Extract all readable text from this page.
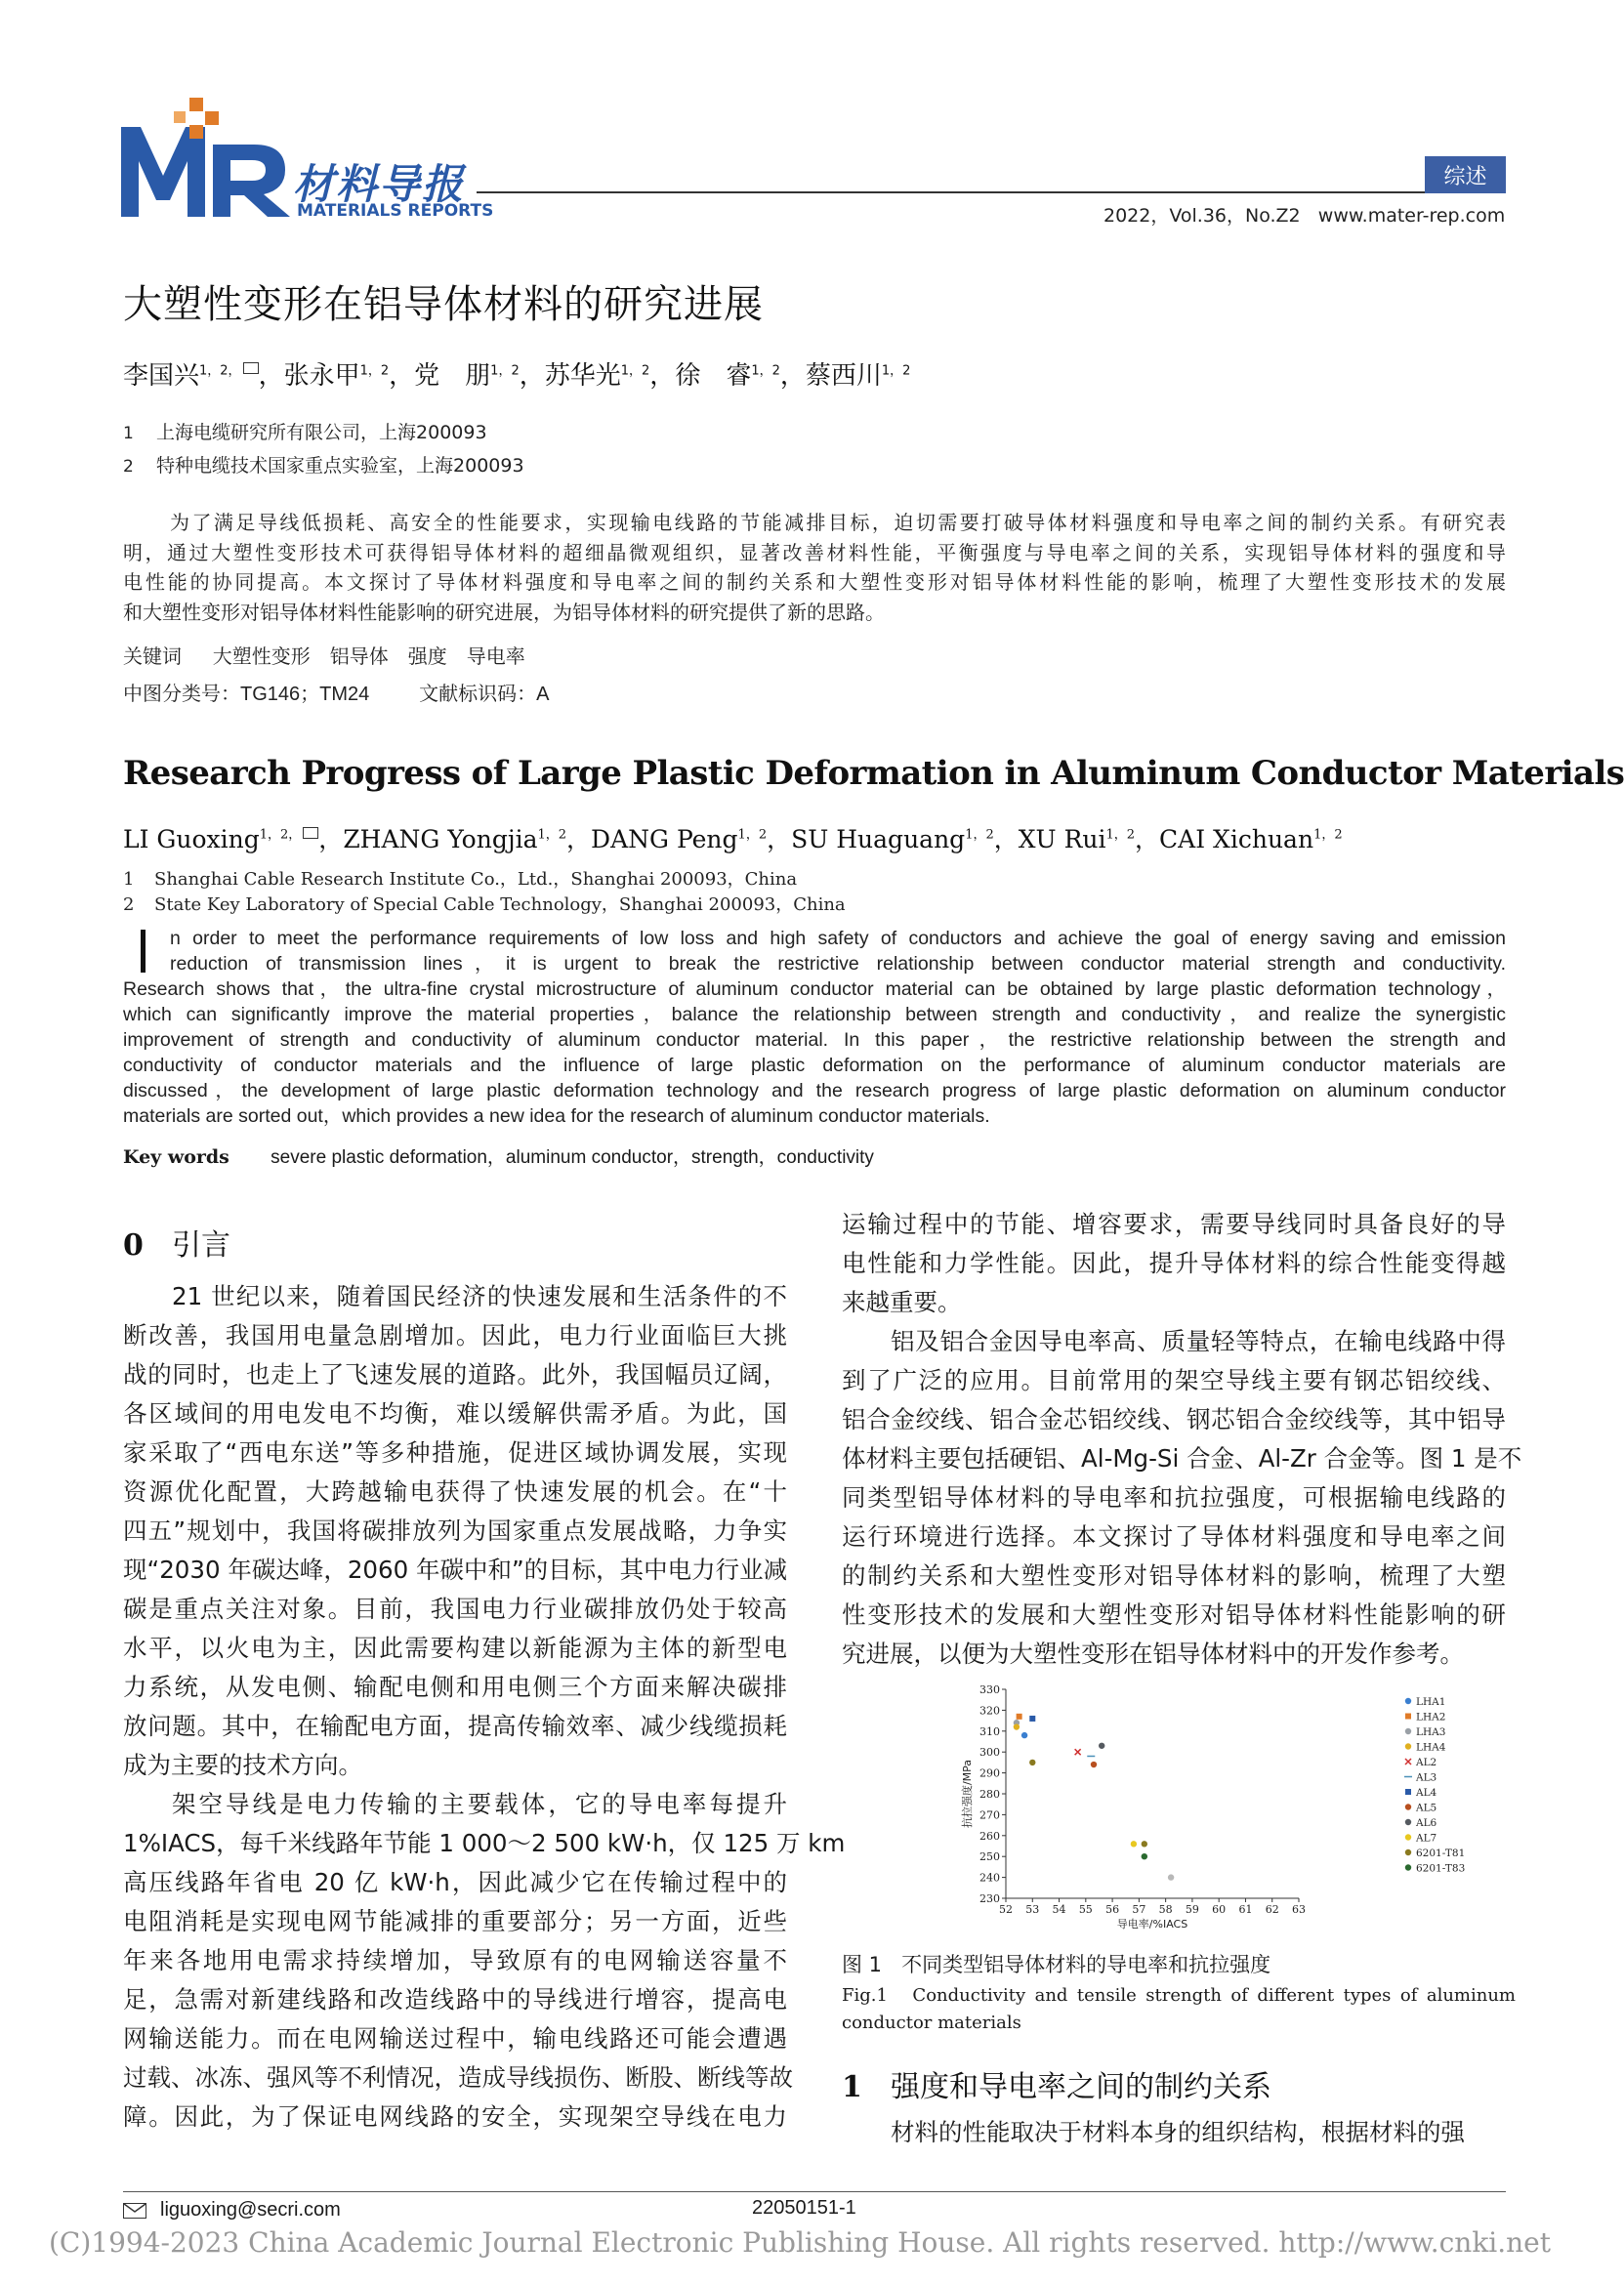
材料导报
MATERIALS REPORTS
综述
2022，Vol.36，No.Z2 www.mater-rep.com
大塑性变形在铝导体材料的研究进展
李国兴$^{1,2,}$ ，张永甲$^{1,2}$，党　朋$^{1,2}$，苏华光$^{1,2}$，徐　睿$^{1,2}$，蔡西川$^{1,2}$
1 上海电缆研究所有限公司，上海200093
2 特种电缆技术国家重点实验室，上海200093
为了满足导线低损耗、高安全的性能要求，实现输电线路的节能减排目标，迫切需要打破导体材料强度和导电率之间的制约关系。有研究表
明，通过大塑性变形技术可获得铝导体材料的超细晶微观组织，显著改善材料性能，平衡强度与导电率之间的关系，实现铝导体材料的强度和导
电性能的协同提高。本文探讨了导体材料强度和导电率之间的制约关系和大塑性变形对铝导体材料性能的影响，梳理了大塑性变形技术的发展
和大塑性变形对铝导体材料性能影响的研究进展，为铝导体材料的研究提供了新的思路。
关键词 大塑性变形　铝导体　强度　导电率
中图分类号：TG146；TM24	文献标识码：A
Research Progress of Large Plastic Deformation in Aluminum Conductor Materials
LI Guoxing$^{1,2,}$ ，ZHANG Yongjia$^{1,2}$，DANG Peng$^{1,2}$，SU Huaguang$^{1,2}$，XU Rui$^{1,2}$，CAI Xichuan$^{1,2}$
1 Shanghai Cable Research Institute Co.，Ltd.，Shanghai 200093，China
2 State Key Laboratory of Special Cable Technology，Shanghai 200093，China
n order to meet the performance requirements of low loss and high safety of conductors and achieve the goal of energy saving and emission
reduction of transmission lines，it is urgent to break the restrictive relationship between conductor material strength and conductivity.
Research shows that，the ultra-fine crystal microstructure of aluminum conductor material can be obtained by large plastic deformation technology，
which can significantly improve the material properties，balance the relationship between strength and conductivity，and realize the synergistic
improvement of strength and conductivity of aluminum conductor material. In this paper，the restrictive relationship between the strength and
conductivity of conductor materials and the influence of large plastic deformation on the performance of aluminum conductor materials are
discussed，the development of large plastic deformation technology and the research progress of large plastic deformation on aluminum conductor
materials are sorted out，which provides a new idea for the research of aluminum conductor materials.
Key words severe plastic deformation，aluminum conductor，strength，conductivity
0 引言
21 世纪以来，随着国民经济的快速发展和生活条件的不
断改善，我国用电量急剧增加。因此，电力行业面临巨大挑
战的同时，也走上了飞速发展的道路。此外，我国幅员辽阔，
各区域间的用电发电不均衡，难以缓解供需矛盾。为此，国
家采取了“西电东送”等多种措施，促进区域协调发展，实现
资源优化配置，大跨越输电获得了快速发展的机会。在“十
四五”规划中，我国将碳排放列为国家重点发展战略，力争实
现“2030 年碳达峰，2060 年碳中和”的目标，其中电力行业减
碳是重点关注对象。目前，我国电力行业碳排放仍处于较高
水平，以火电为主，因此需要构建以新能源为主体的新型电
力系统，从发电侧、输配电侧和用电侧三个方面来解决碳排
放问题。其中，在输配电方面，提高传输效率、减少线缆损耗
成为主要的技术方向。
架空导线是电力传输的主要载体，它的导电率每提升
1%IACS，每千米线路年节能 1 000～2 500 kW·h，仅 125 万 km
高压线路年省电 20 亿 kW·h，因此减少它在传输过程中的
电阻消耗是实现电网节能减排的重要部分；另一方面，近些
年来各地用电需求持续增加，导致原有的电网输送容量不
足，急需对新建线路和改造线路中的导线进行增容，提高电
网输送能力。而在电网输送过程中，输电线路还可能会遭遇
过载、冰冻、强风等不利情况，造成导线损伤、断股、断线等故
障。因此，为了保证电网线路的安全，实现架空导线在电力
运输过程中的节能、增容要求，需要导线同时具备良好的导
电性能和力学性能。因此，提升导体材料的综合性能变得越
来越重要。
铝及铝合金因导电率高、质量轻等特点，在输电线路中得
到了广泛的应用。目前常用的架空导线主要有钢芯铝绞线、
铝合金绞线、铝合金芯铝绞线、钢芯铝合金绞线等，其中铝导
体材料主要包括硬铝、Al-Mg-Si 合金、Al-Zr 合金等。图 1 是不
同类型铝导体材料的导电率和抗拉强度，可根据输电线路的
运行环境进行选择。本文探讨了导体材料强度和导电率之间
的制约关系和大塑性变形对铝导体材料的影响，梳理了大塑
性变形技术的发展和大塑性变形对铝导体材料性能影响的研
究进展，以便为大塑性变形在铝导体材料中的开发作参考。
230
240
250
260
270
280
290
300
310
320
330
52 53 54 55 56 57 58 59 60 61 62 63
导电率/%IACS
抗拉强度/MPa
LHA1
LHA2
LHA3
LHA4
AL2
AL3
AL4
AL5
AL6
AL7
6201-T81
6201-T83
图 1 不同类型铝导体材料的导电率和抗拉强度
Fig.1　Conductivity and tensile strength of different types of aluminum conductor materials
1 强度和导电率之间的制约关系
材料的性能取决于材料本身的组织结构，根据材料的强
liguoxing@secri.com	22050151-1
(C)1994-2023 China Academic Journal Electronic Publishing House. All rights reserved. http://www.cnki.net
